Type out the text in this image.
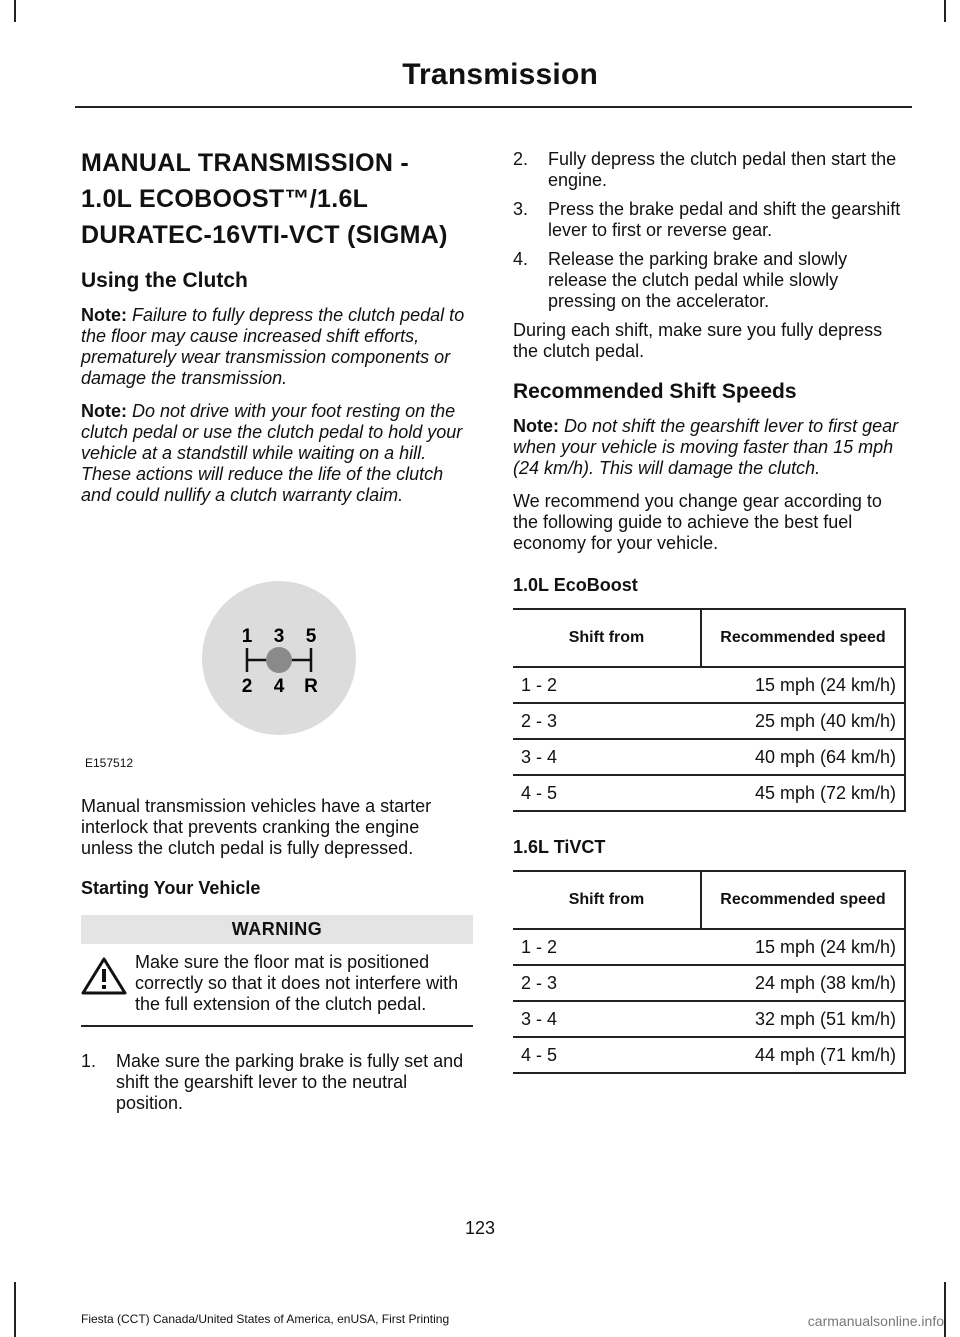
Transmission
MANUAL TRANSMISSION -
1.0L ECOBOOST™/1.6L
DURATEC-16VTI-VCT (SIGMA)
Using the Clutch

Note: Failure to fully depress the clutch pedal to the floor may cause increased shift efforts, prematurely wear transmission components or damage the transmission.

Note: Do not drive with your foot resting on the clutch pedal or use the clutch pedal to hold your vehicle at a standstill while waiting on a hill. These actions will reduce the life of the clutch and could nullify a clutch warranty claim.

1 3 5
2 4 R
E157512

Manual transmission vehicles have a starter interlock that prevents cranking the engine unless the clutch pedal is fully depressed.

Starting Your Vehicle
WARNING
Make sure the floor mat is positioned correctly so that it does not interfere with the full extension of the clutch pedal.
1. Make sure the parking brake is fully set and shift the gearshift lever to the neutral position.
2. Fully depress the clutch pedal then start the engine.
3. Press the brake pedal and shift the gearshift lever to first or reverse gear.
4. Release the parking brake and slowly release the clutch pedal while slowly pressing on the accelerator.

During each shift, make sure you fully depress the clutch pedal.

Recommended Shift Speeds

Note: Do not shift the gearshift lever to first gear when your vehicle is moving faster than 15 mph (24 km/h). This will damage the clutch.

We recommend you change gear according to the following guide to achieve the best fuel economy for your vehicle.

1.0L EcoBoost
Shift from	Recommended speed
1 - 2	15 mph (24 km/h)
2 - 3	25 mph (40 km/h)
3 - 4	40 mph (64 km/h)
4 - 5	45 mph (72 km/h)
1.6L TiVCT
Shift from	Recommended speed
1 - 2	15 mph (24 km/h)
2 - 3	24 mph (38 km/h)
3 - 4	32 mph (51 km/h)
4 - 5	44 mph (71 km/h)
123
Fiesta (CCT) Canada/United States of America, enUSA, First Printing	carmanualsonline.info
